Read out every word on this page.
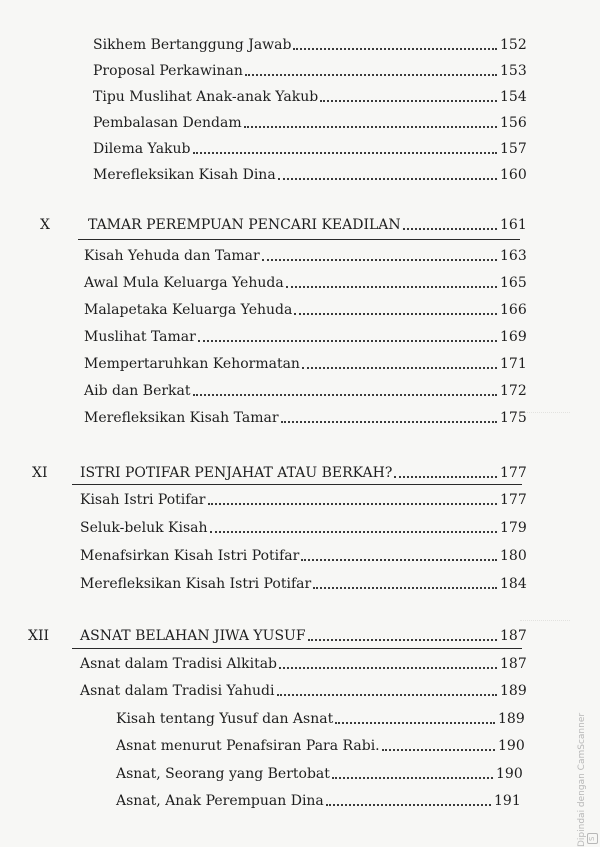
Sikhem Bertanggung Jawab	152
Proposal Perkawinan	153
Tipu Muslihat Anak-anak Yakub	154
Pembalasan Dendam	156
Dilema Yakub	157
Merefleksikan Kisah Dina	160
X	TAMAR PEREMPUAN PENCARI KEADILAN	161
Kisah Yehuda dan Tamar	163
Awal Mula Keluarga Yehuda	165
Malapetaka Keluarga Yehuda	166
Muslihat Tamar	169
Mempertaruhkan Kehormatan	171
Aib dan Berkat	172
Merefleksikan Kisah Tamar	175
XI ISTRI POTIFAR PENJAHAT ATAU BERKAH?	177
Kisah Istri Potifar	177
Seluk-beluk Kisah	179
Menafsirkan Kisah Istri Potifar	180
Merefleksikan Kisah Istri Potifar	184
XII ASNAT BELAHAN JIWA YUSUF	187
Asnat dalam Tradisi Alkitab	187
Asnat dalam Tradisi Yahudi	189
Kisah tentang Yusuf dan Asnat	189
Asnat menurut Penafsiran Para Rabi.	190
Asnat, Seorang yang Bertobat	190
Asnat, Anak Perempuan Dina	191	Dipindai dengan CamScanner S
